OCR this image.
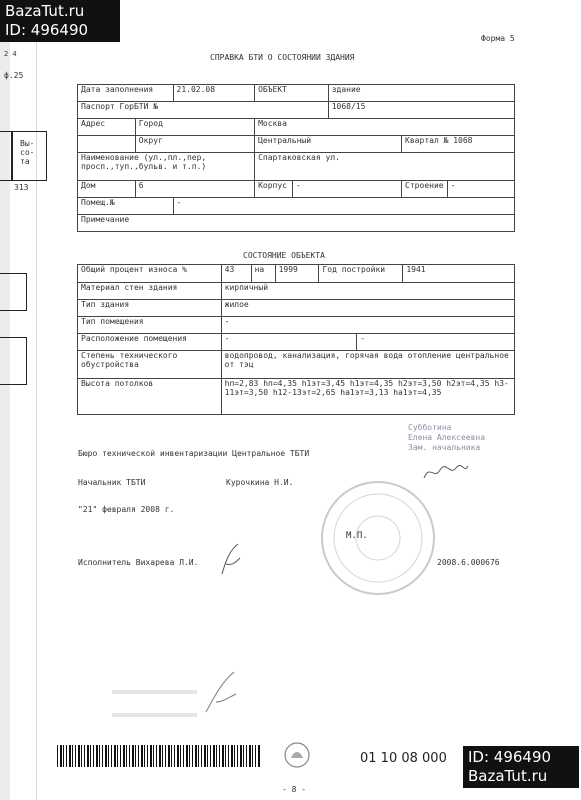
BazaTut.ru
ID: 496490
ID: 496490
BazaTut.ru
2 4
ф.25
Вы-
со-
та
313
Форма 5
СПРАВКА БТИ О СОСТОЯНИИ ЗДАНИЯ
Дата заполнения		21.02.08	ОБЪЕКТ		здание		
Паспорт ГорБТИ №					1068/15		
Адрес	Город		Москва				
	Округ		Центральный			Квартал № 1068	
Наименование (ул.,пл.,пер, просп.,туп.,бульв. и т.п.)			Спартаковская ул.				
Дом	6		Корпус	-		Строение	-
Помещ.№		-					
Примечание							
СОСТОЯНИЕ ОБЪЕКТА
Общий процент износа %	43	на	1999	Год постройки		1941
Материал стен здания	кирпичный					
Тип здания	жилое					
Тип помещения	-					
Расположение помещения	-				-	
Степень технического обустройства	водопровод, канализация, горячая вода отопление центральное от тэц					
Высота потолков	hп=2,83 hп=4,35 h1эт=3,45 h1эт=4,35 h2эт=3,50 h2эт=4,35 h3-11эт=3,50 h12-13эт=2,65 hа1эт=3,13 hа1эт=4,35					
Субботина
Елена Алексеевна
Зам. начальника
Бюро технической инвентаризации Центральное ТБТИ
Начальник ТБТИ	Курочкина Н.И.
М.П.
"21" февраля 2008 г.
Исполнитель Вихарева Л.И.	2008.6.000676
01 10 08 000
- 8 -
